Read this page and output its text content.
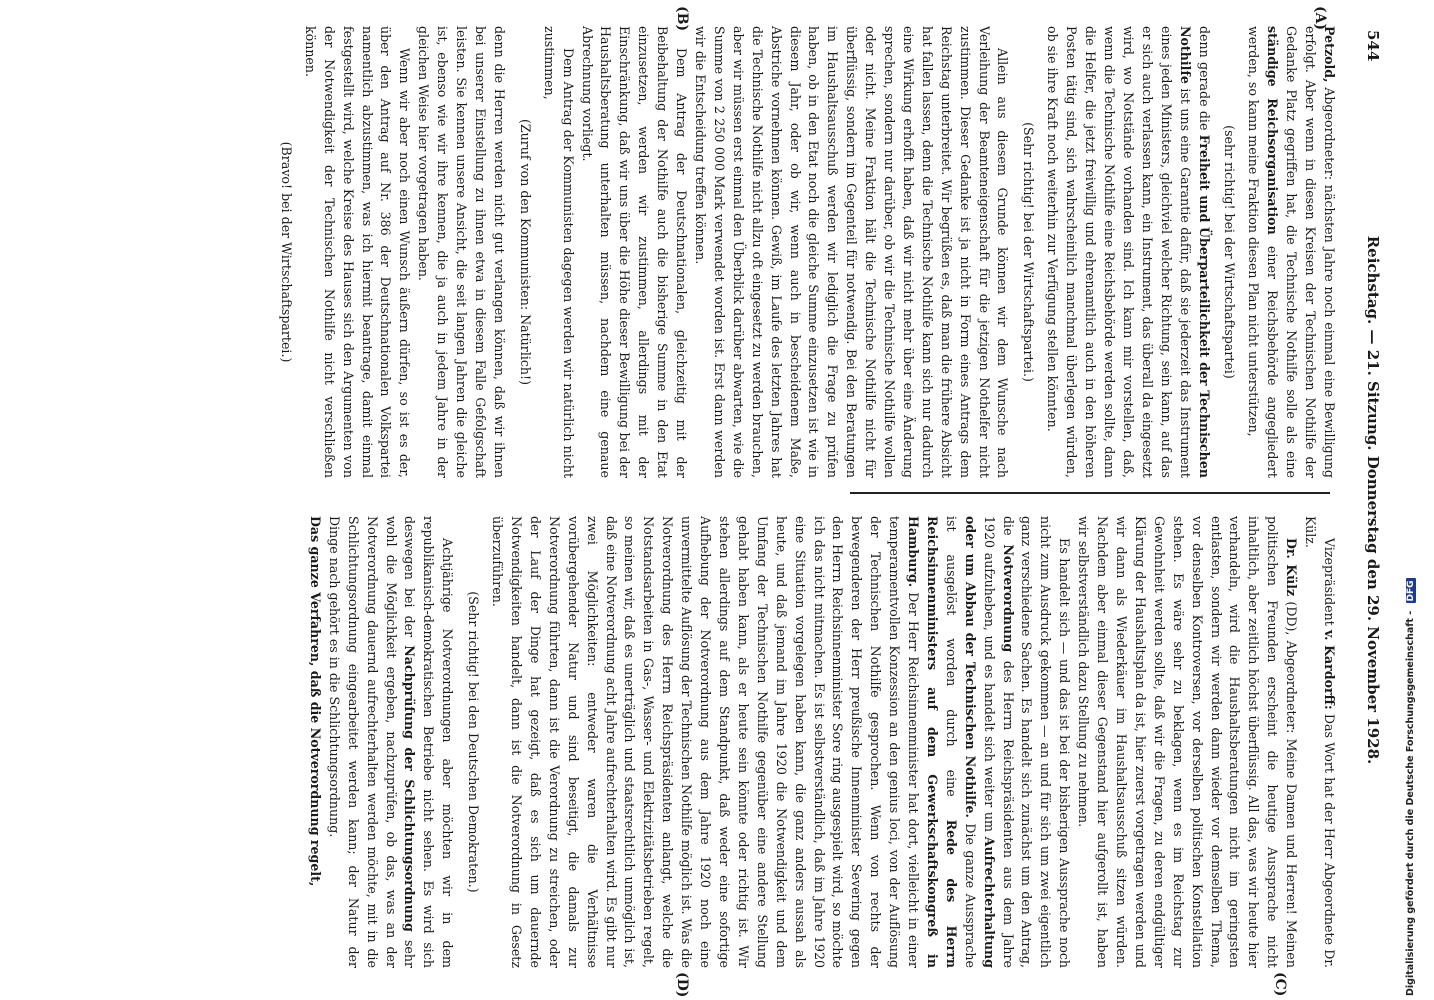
544
Reichstag. — 21. Sitzung. Donnerstag den 29. November 1928.
(A)
(B)
(C)
(D)

Petzold, Abgeordneter: nächsten Jahre noch einmal eine Bewilligung erfolgt. Aber wenn in diesen Kreisen der Technischen Nothilfe der Gedanke Platz gegriffen hat, die Technische Nothilfe solle als eine ständige Reichsorganisation einer Reichsbehörde angegliedert werden, so kann meine Fraktion diesen Plan nicht unterstützen,

(sehr richtig! bei der Wirtschaftspartei)

denn gerade die Freiheit und Überparteilichkeit der Technischen Nothilfe ist uns eine Garantie dafür, daß sie jederzeit das Instrument eines jeden Ministers, gleichviel welcher Richtung, sein kann, auf das er sich auch verlassen kann, ein Instrument, das überall da eingesetzt wird, wo Notstände vorhanden sind. Ich kann mir vorstellen, daß, wenn die Technische Nothilfe eine Reichsbehörde werden sollte, dann die Helfer, die jetzt freiwillig und ehrenamtlich auch in den höheren Posten tätig sind, sich wahrscheinlich manchmal überlegen würden, ob sie ihre Kraft noch weiterhin zur Verfügung stellen könnten.

(Sehr richtig! bei der Wirtschaftspartei.)

Allein aus diesem Grunde können wir dem Wunsche nach Verleihung der Beamteneigenschaft für die jetzigen Nothelfer nicht zustimmen. Dieser Gedanke ist ja nicht in Form eines Antrags dem Reichstag unterbreitet. Wir begrüßen es, daß man die frühere Absicht hat fallen lassen, denn die Technische Nothilfe kann sich nur dadurch eine Wirkung erhofft haben, daß wir nicht mehr über eine Änderung sprechen, sondern nur darüber, ob wir die Technische Nothilfe wollen oder nicht. Meine Fraktion hält die Technische Nothilfe nicht für überflüssig, sondern im Gegenteil für notwendig. Bei den Beratungen im Haushaltsausschuß werden wir lediglich die Frage zu prüfen haben, ob in den Etat noch die gleiche Summe einzusetzen ist wie in diesem Jahr, oder ob wir, wenn auch in bescheidenem Maße, Abstriche vornehmen können. Gewiß, im Laufe des letzten Jahres hat die Technische Nothilfe nicht allzu oft eingesetzt zu werden brauchen, aber wir müssen erst einmal den Überblick darüber abwarten, wie die Summe von 2 250 000 Mark verwendet worden ist. Erst dann werden wir die Entscheidung treffen können.

Dem Antrag der Deutschnationalen, gleichzeitig mit der Beibehaltung der Nothilfe auch die bisherige Summe in den Etat einzusetzen, werden wir zustimmen, allerdings mit der Einschränkung, daß wir uns über die Höhe dieser Bewilligung bei der Haushaltsberatung unterhalten müssen, nachdem eine genaue Abrechnung vorliegt.

Dem Antrag der Kommunisten dagegen werden wir natürlich nicht zustimmen,

(Zuruf von den Kommunisten: Natürlich!)

denn die Herren werden nicht gut verlangen können, daß wir ihnen bei unserer Einstellung zu ihnen etwa in diesem Falle Gefolgschaft leisten. Sie kennen unsere Ansicht, die seit langen Jahren die gleiche ist, ebenso wie wir ihre kennen, die ja auch in jedem Jahre in der gleichen Weise hier vorgetragen haben.

Wenn wir aber noch einen Wunsch äußern dürfen, so ist es der, über den Antrag auf Nr. 386 der Deutschnationalen Volkspartei namentlich abzustimmen, was ich hiermit beantrage, damit einmal festgestellt wird, welche Kreise des Hauses sich den Argumenten von der Notwendigkeit der Technischen Nothilfe nicht verschließen können.

(Bravo! bei der Wirtschaftspartei.)

Vizepräsident v. Kardorff: Das Wort hat der Herr Abgeordnete Dr. Külz.

Dr. Külz (DD), Abgeordneter: Meine Damen und Herren! Meinen politischen Freunden erscheint die heutige Aussprache nicht inhaltlich, aber zeitlich höchst überflüssig. All das, was wir heute hier verhandeln, wird die Haushaltsberatungen nicht im geringsten entlasten, sondern wir werden dann wieder vor demselben Thema, vor denselben Kontroversen, vor derselben politischen Konstellation stehen. Es wäre sehr zu beklagen, wenn es im Reichstag zur Gewohnheit werden sollte, daß wir die Fragen, zu deren endgültiger Klärung der Haushaltsplan da ist, hier zuerst vorgetragen werden und wir dann als Wiederkäuer im Haushaltsausschuß sitzen würden. Nachdem aber einmal dieser Gegenstand hier aufgerollt ist, haben wir selbstverständlich dazu Stellung zu nehmen.

Es handelt sich — und das ist bei der bisherigen Aussprache noch nicht zum Ausdruck gekommen — an und für sich um zwei eigentlich ganz verschiedene Sachen. Es handelt sich zunächst um den Antrag, die Notverordnung des Herrn Reichspräsidenten aus dem Jahre 1920 aufzuheben, und es handelt sich weiter um Aufrechterhaltung oder um Abbau der Technischen Nothilfe. Die ganze Aussprache ist ausgelöst worden durch eine Rede des Herrn Reichsinnenministers auf dem Gewerkschaftskongreß in Hamburg. Der Herr Reichsinnenminister hat dort, vielleicht in einer temperamentvollen Konzession an den genius loci, von der Auflösung der Technischen Nothilfe gesprochen. Wenn von rechts der bewegenderen der Herr preußische Innenminister Severing gegen den Herrn Reichsinnenminister Sore ring ausgespielt wird, so möchte ich das nicht mitmachen. Es ist selbstverständlich, daß im Jahre 1920 eine Situation vorgelegen haben kann, die ganz anders aussah als heute, und daß jemand im Jahre 1920 die Notwendigkeit und dem Umfang der Technischen Nothilfe gegenüber eine andere Stellung gehabt haben kann, als er heute sein könnte oder richtig ist. Wir stehen allerdings auf dem Standpunkt, daß weder eine sofortige Aufhebung der Notverordnung aus dem Jahre 1920 noch eine unvermittelte Auflösung der Technischen Nothilfe möglich ist. Was die Notverordnung des Herrn Reichspräsidenten anlangt, welche die Notstandsarbeiten in Gas-, Wasser- und Elektrizitätsbetrieben regelt, so meinen wir, daß es unerträglich und staatsrechtlich unmöglich ist, daß eine Notverordnung acht Jahre aufrechterhalten wird. Es gibt nur zwei Möglichkeiten: entweder waren die Verhältnisse vorübergehender Natur und sind beseitigt, die damals zur Notverordnung führten, dann ist die Verordnung zu streichen, oder der Lauf der Dinge hat gezeigt, daß es sich um dauernde Notwendigkeiten handelt, dann ist die Notverordnung in Gesetz überzuführen.

(Sehr richtig! bei den Deutschen Demokraten.)

Achtjährige Notverordnungen aber möchten wir in dem republikanisch-demokratischen Betriebe nicht sehen. Es wird sich deswegen bei der Nachprüfung der Schlichtungsordnung sehr wohl die Möglichkeit ergeben, nachzuprüfen, ob das, was an der Notverordnung dauernd aufrechterhalten werden möchte, mit in die Schlichtungsordnung eingearbeitet werden kann; der Natur der Dinge nach gehört es in die Schlichtungsordnung.

Das ganze Verfahren, daß die Notverordnung regelt,	Digitalisierung gefördert durch die Deutsche Forschungsgemeinschaft - DFG
